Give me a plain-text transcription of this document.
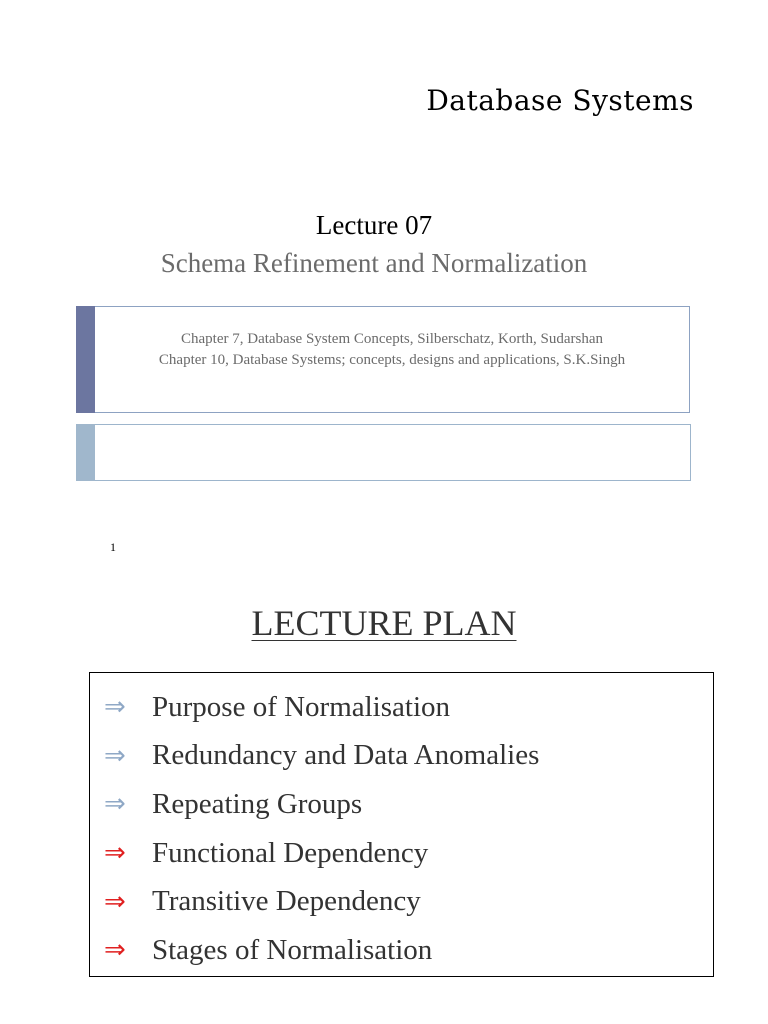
Database Systems
Lecture 07
Schema Refinement and Normalization
Chapter 7, Database System Concepts, Silberschatz, Korth, Sudarshan
Chapter 10, Database Systems; concepts, designs and applications, S.K.Singh
1
LECTURE PLAN
⇒ Purpose of Normalisation
⇒ Redundancy and Data Anomalies
⇒ Repeating Groups
⇒ Functional Dependency
⇒ Transitive Dependency
⇒ Stages of Normalisation
